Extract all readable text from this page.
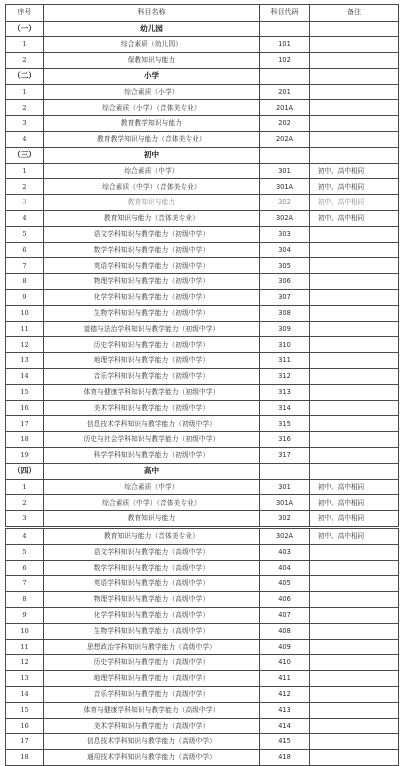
序号	科目名称	科目代码	备注
（一）	幼儿园		
1	综合素质（幼儿园）	101	
2	保教知识与能力	102	
（二）	小学		
1	综合素质（小学）	201	
2	综合素质（小学）（音体美专业）	201A	
3	教育教学知识与能力	202	
4	教育教学知识与能力（音体美专业）	202A	
（三）	初中		
1	综合素质（中学）	301	初中、高中相同
2	综合素质（中学）（音体美专业）	301A	初中、高中相同
3	教育知识与能力	302	初中、高中相同
4	教育知识与能力（音体美专业）	302A	初中、高中相同
5	语文学科知识与教学能力（初级中学）	303	
6	数学学科知识与教学能力（初级中学）	304	
7	英语学科知识与教学能力（初级中学）	305	
8	物理学科知识与教学能力（初级中学）	306	
9	化学学科知识与教学能力（初级中学）	307	
10	生物学科知识与教学能力（初级中学）	308	
11	道德与法治学科知识与教学能力（初级中学）	309	
12	历史学科知识与教学能力（初级中学）	310	
13	地理学科知识与教学能力（初级中学）	311	
14	音乐学科知识与教学能力（初级中学）	312	
15	体育与健康学科知识与教学能力（初级中学）	313	
16	美术学科知识与教学能力（初级中学）	314	
17	信息技术学科知识与教学能力（初级中学）	315	
18	历史与社会学科知识与教学能力（初级中学）	316	
19	科学学科知识与教学能力（初级中学）	317	
（四）	高中		
1	综合素质（中学）	301	初中、高中相同
2	综合素质（中学）（音体美专业）	301A	初中、高中相同
3	教育知识与能力	302	初中、高中相同
4	教育知识与能力（音体美专业）	302A	初中、高中相同
5	语文学科知识与教学能力（高级中学）	403	
6	数学学科知识与教学能力（高级中学）	404	
7	英语学科知识与教学能力（高级中学）	405	
8	物理学科知识与教学能力（高级中学）	406	
9	化学学科知识与教学能力（高级中学）	407	
10	生物学科知识与教学能力（高级中学）	408	
11	思想政治学科知识与教学能力（高级中学）	409	
12	历史学科知识与教学能力（高级中学）	410	
13	地理学科知识与教学能力（高级中学）	411	
14	音乐学科知识与教学能力（高级中学）	412	
15	体育与健康学科知识与教学能力（高级中学）	413	
16	美术学科知识与教学能力（高级中学）	414	
17	信息技术学科知识与教学能力（高级中学）	415	
18	通用技术学科知识与教学能力（高级中学）	418	
